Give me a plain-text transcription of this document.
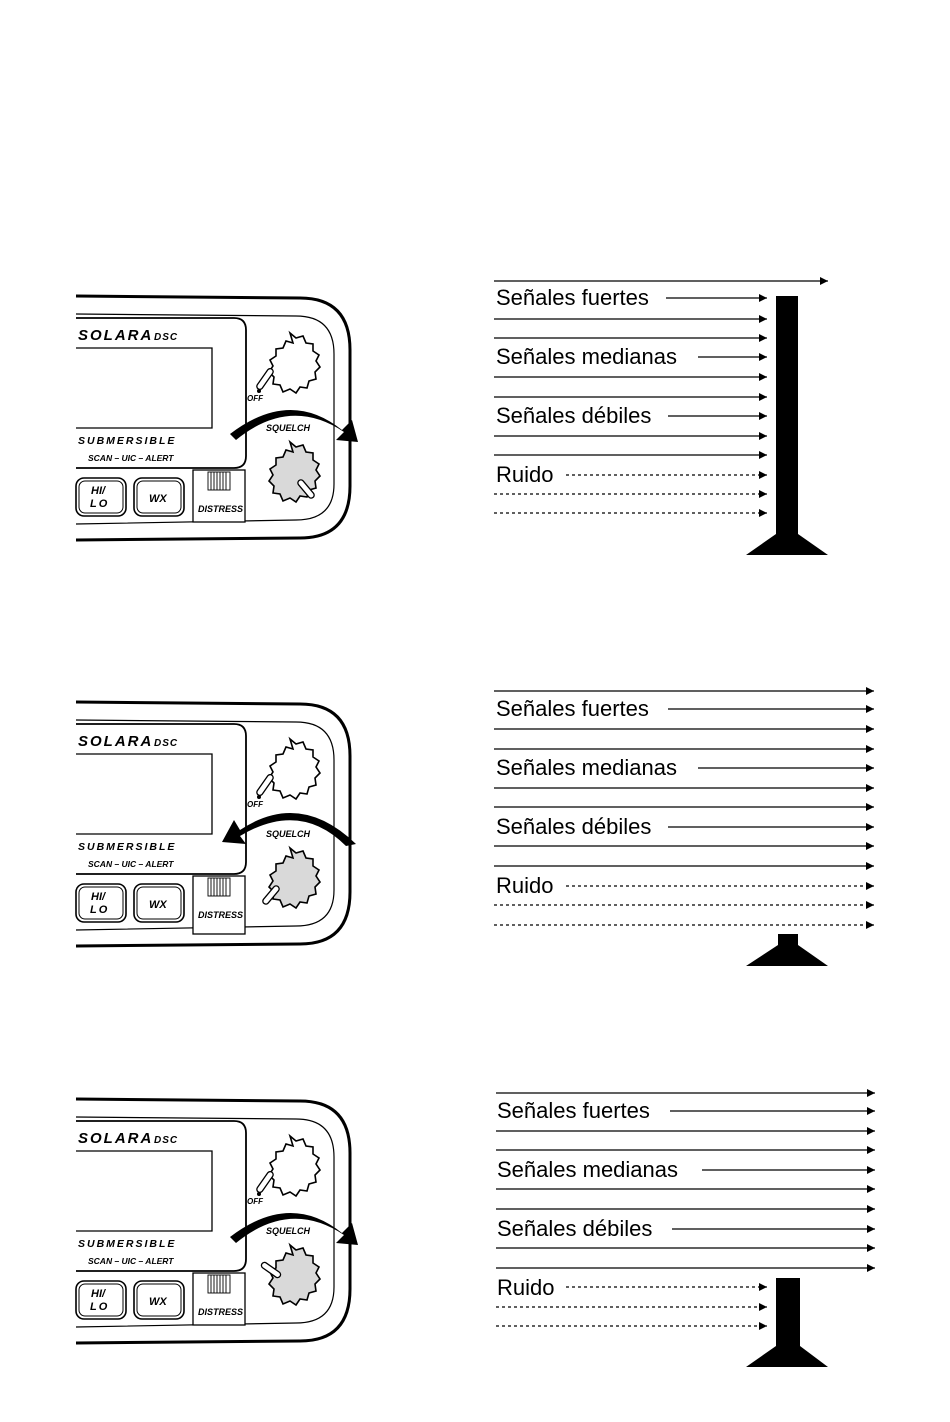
SOLARA DSC
SUBMERSIBLE
SCAN – UIC – ALERT
OFF
SQUELCH
HI/
LO	WX
DISTRESS
Señales fuertes
Señales medianas
Señales débiles
Ruido
SOLARA DSC
SUBMERSIBLE
SCAN – UIC – ALERT
OFF
SQUELCH
HI/
LO	WX
DISTRESS
Señales fuertes
Señales medianas
Señales débiles
Ruido
SOLARA DSC
SUBMERSIBLE
SCAN – UIC – ALERT
OFF
SQUELCH
HI/
LO	WX
DISTRESS
Señales fuertes
Señales medianas
Señales débiles
Ruido
